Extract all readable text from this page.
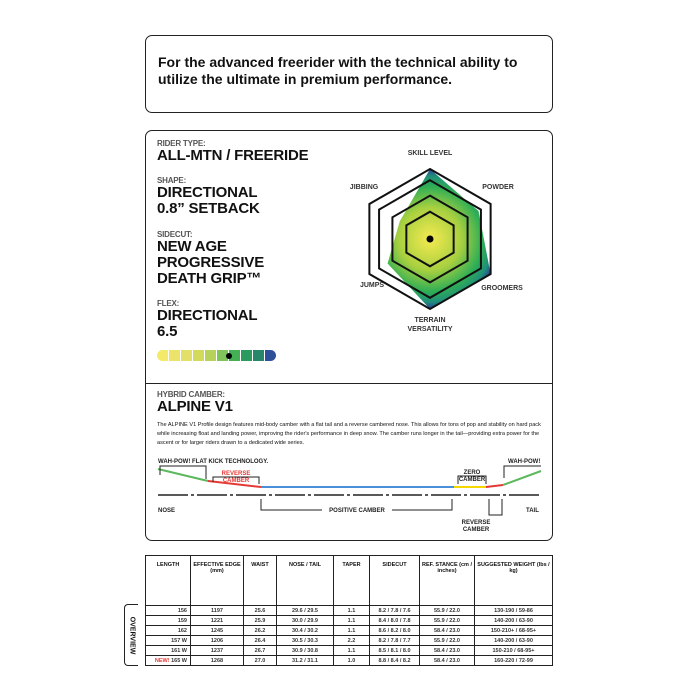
For the advanced freerider with the technical ability to utilize the ultimate in premium performance.

RIDER TYPE:
ALL-MTN / FREERIDE
SHAPE:
DIRECTIONAL
0.8” SETBACK
SIDECUT:
NEW AGE
PROGRESSIVE
DEATH GRIP™
FLEX:
DIRECTIONAL
6.5
SKILL LEVEL
POWDER
GROOMERS
TERRAIN
VERSATILITY
JUMPS
JIBBING
HYBRID CAMBER:
ALPINE V1
The ALPINE V1 Profile design features mid-body camber with a flat tail and a reverse cambered nose. This allows for tons of pop and stability on hard pack while increasing float and landing power, improving the rider's performance in deep snow. The camber runs longer in the tail—providing extra power for the ascent or for larger riders drawn to a dedicated wide series.
WAH-POW! FLAT KICK TECHNOLOGY.
REVERSE
CAMBER
ZERO
CAMBER
WAH-POW!
NOSE	TAIL
POSITIVE CAMBER
REVERSE
CAMBER
OVERVIEW
LENGTH	EFFECTIVE EDGE (mm)	WAIST	NOSE / TAIL	TAPER	SIDECUT	REF. STANCE (cm / inches)	SUGGESTED WEIGHT (lbs / kg)
156	1197	25.6	29.6 / 29.5	1.1	8.2 / 7.8 / 7.6	55.9 / 22.0	130-190 / 59-86
159	1221	25.9	30.0 / 29.9	1.1	8.4 / 8.0 / 7.8	55.9 / 22.0	140-200 / 63-90
162	1245	26.2	30.4 / 30.2	1.1	8.6 / 8.2 / 8.0	58.4 / 23.0	150-210+ / 68-95+
157 W	1206	26.4	30.5 / 30.3	2.2	8.2 / 7.8 / 7.7	55.9 / 22.0	140-200 / 63-90
161 W	1237	26.7	30.9 / 30.8	1.1	8.5 / 8.1 / 8.0	58.4 / 23.0	150-210 / 68-95+
NEW! 165 W	1268	27.0	31.2 / 31.1	1.0	8.8 / 8.4 / 8.2	58.4 / 23.0	160-220 / 72-99
